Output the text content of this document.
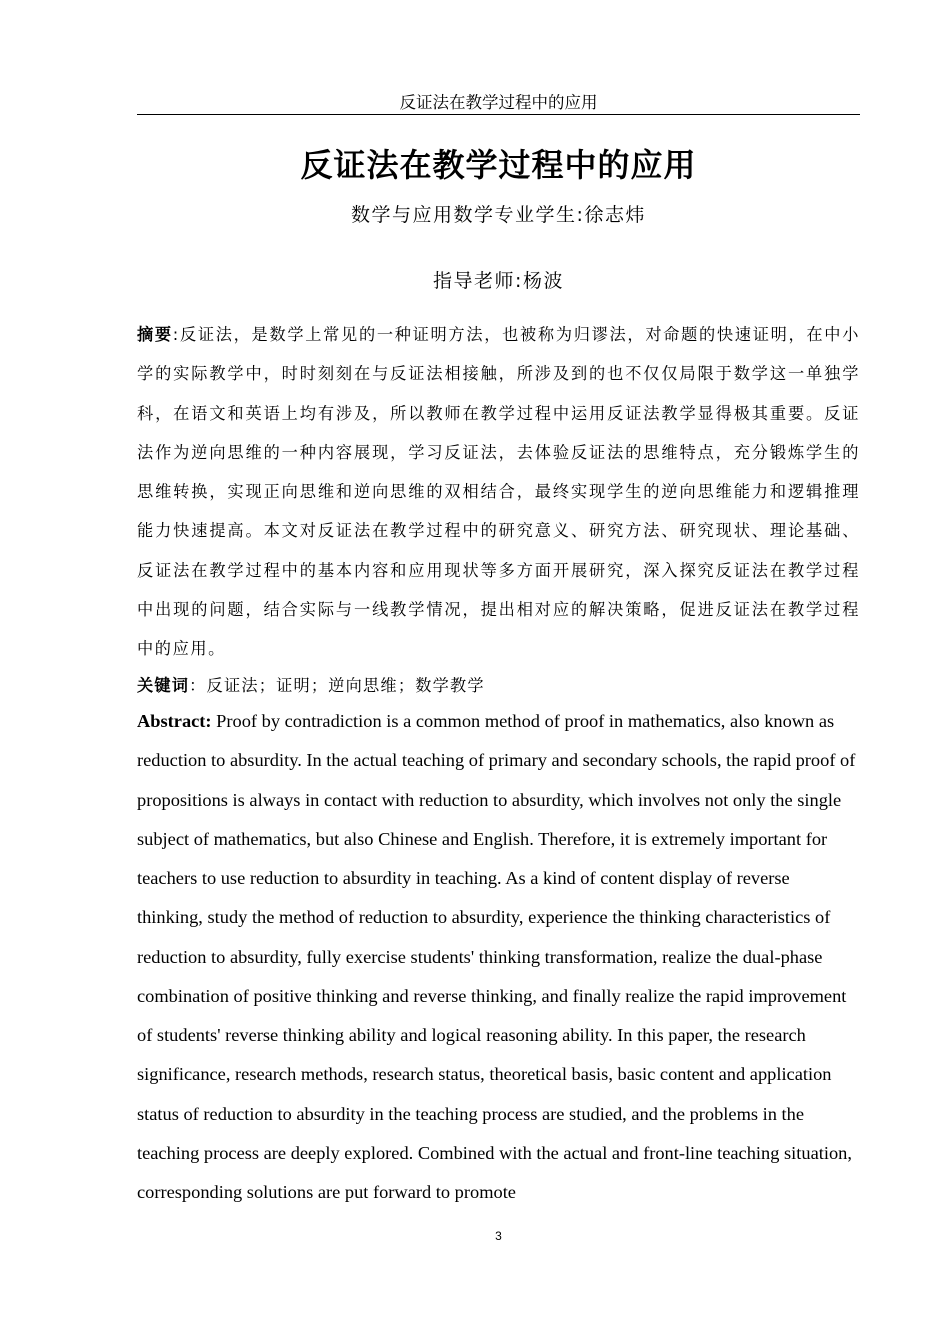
反证法在教学过程中的应用
反证法在教学过程中的应用
数学与应用数学专业学生:徐志炜
指导老师:杨波

摘要:反证法，是数学上常见的一种证明方法，也被称为归谬法，对命题的快速证明，在中小学的实际教学中，时时刻刻在与反证法相接触，所涉及到的也不仅仅局限于数学这一单独学科，在语文和英语上均有涉及，所以教师在教学过程中运用反证法教学显得极其重要。反证法作为逆向思维的一种内容展现，学习反证法，去体验反证法的思维特点，充分锻炼学生的思维转换，实现正向思维和逆向思维的双相结合，最终实现学生的逆向思维能力和逻辑推理能力快速提高。本文对反证法在教学过程中的研究意义、研究方法、研究现状、理论基础、反证法在教学过程中的基本内容和应用现状等多方面开展研究，深入探究反证法在教学过程中出现的问题，结合实际与一线教学情况，提出相对应的解决策略，促进反证法在教学过程中的应用。

关键词：反证法；证明；逆向思维；数学教学

Abstract: Proof by contradiction is a common method of proof in mathematics, also known as reduction to absurdity. In the actual teaching of primary and secondary schools, the rapid proof of propositions is always in contact with reduction to absurdity, which involves not only the single subject of mathematics, but also Chinese and English. Therefore, it is extremely important for teachers to use reduction to absurdity in teaching. As a kind of content display of reverse thinking, study the method of reduction to absurdity, experience the thinking characteristics of reduction to absurdity, fully exercise students' thinking transformation, realize the dual-phase combination of positive thinking and reverse thinking, and finally realize the rapid improvement of students' reverse thinking ability and logical reasoning ability. In this paper, the research significance, research methods, research status, theoretical basis, basic content and application status of reduction to absurdity in the teaching process are studied, and the problems in the teaching process are deeply explored. Combined with the actual and front-line teaching situation, corresponding solutions are put forward to promote

3
